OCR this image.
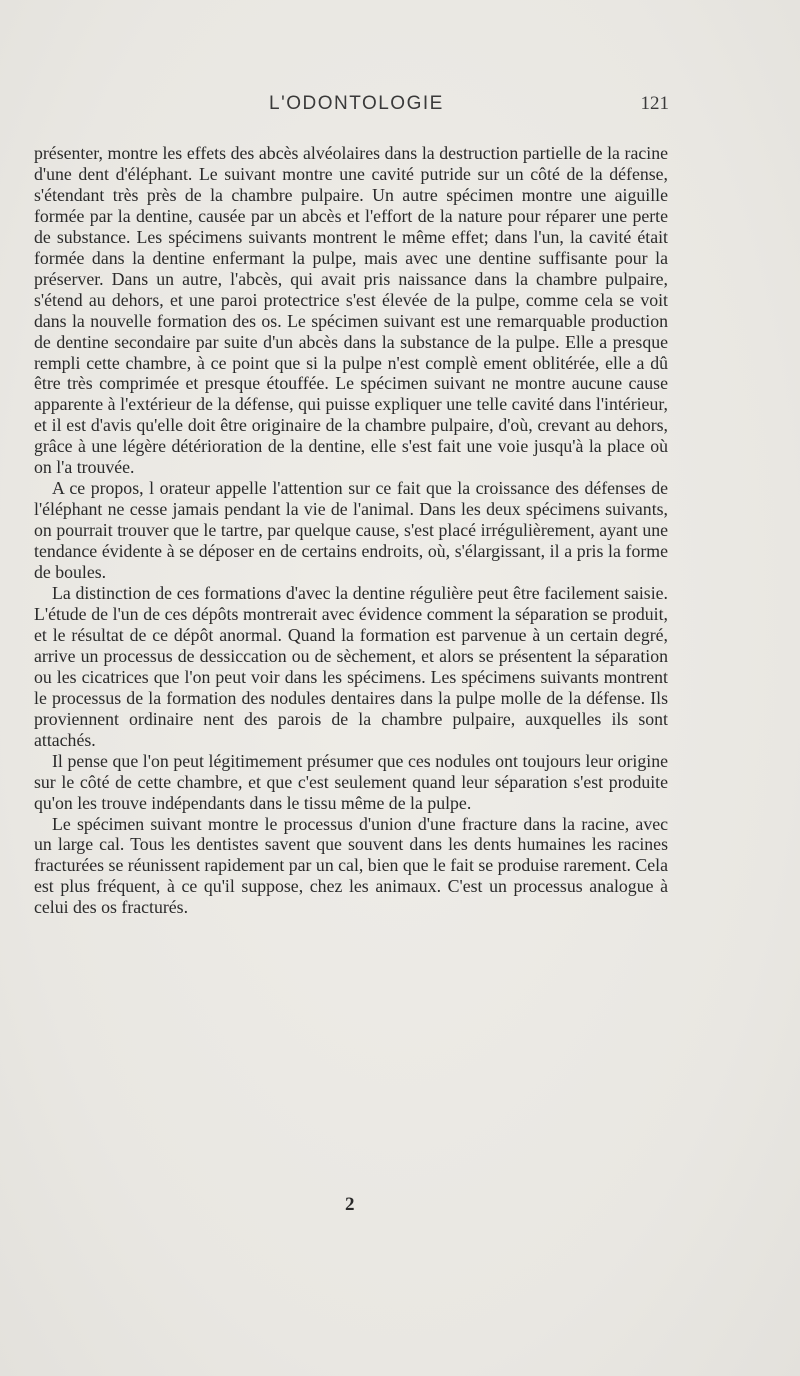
L'ODONTOLOGIE	121

présenter, montre les effets des abcès alvéolaires dans la destruction partielle de la racine d'une dent d'éléphant. Le suivant montre une cavité putride sur un côté de la défense, s'étendant très près de la chambre pulpaire. Un autre spécimen montre une aiguille formée par la dentine, causée par un abcès et l'effort de la nature pour réparer une perte de substance. Les spécimens suivants montrent le même effet; dans l'un, la cavité était formée dans la dentine enfermant la pulpe, mais avec une dentine suffisante pour la préserver. Dans un autre, l'abcès, qui avait pris naissance dans la chambre pulpaire, s'étend au dehors, et une paroi protectrice s'est élevée de la pulpe, comme cela se voit dans la nouvelle formation des os. Le spécimen suivant est une remarquable production de dentine secondaire par suite d'un abcès dans la substance de la pulpe. Elle a presque rempli cette chambre, à ce point que si la pulpe n'est complè ement oblitérée, elle a dû être très comprimée et presque étouffée. Le spécimen suivant ne montre aucune cause apparente à l'extérieur de la défense, qui puisse expliquer une telle cavité dans l'intérieur, et il est d'avis qu'elle doit être originaire de la chambre pulpaire, d'où, crevant au dehors, grâce à une légère détérioration de la dentine, elle s'est fait une voie jusqu'à la place où on l'a trouvée.

A ce propos, l orateur appelle l'attention sur ce fait que la croissance des défenses de l'éléphant ne cesse jamais pendant la vie de l'animal. Dans les deux spécimens suivants, on pourrait trouver que le tartre, par quelque cause, s'est placé irrégulièrement, ayant une tendance évidente à se déposer en de certains endroits, où, s'élargissant, il a pris la forme de boules.

La distinction de ces formations d'avec la dentine régulière peut être facilement saisie. L'étude de l'un de ces dépôts montrerait avec évidence comment la séparation se produit, et le résultat de ce dépôt anormal. Quand la formation est parvenue à un certain degré, arrive un processus de dessiccation ou de sèchement, et alors se présentent la séparation ou les cicatrices que l'on peut voir dans les spécimens. Les spécimens suivants montrent le processus de la formation des nodules dentaires dans la pulpe molle de la défense. Ils proviennent ordinaire nent des parois de la chambre pulpaire, auxquelles ils sont attachés.

Il pense que l'on peut légitimement présumer que ces nodules ont toujours leur origine sur le côté de cette chambre, et que c'est seulement quand leur séparation s'est produite qu'on les trouve indépendants dans le tissu même de la pulpe.

Le spécimen suivant montre le processus d'union d'une fracture dans la racine, avec un large cal. Tous les dentistes savent que souvent dans les dents humaines les racines fracturées se réunissent rapidement par un cal, bien que le fait se produise rarement. Cela est plus fréquent, à ce qu'il suppose, chez les animaux. C'est un processus analogue à celui des os fracturés.

2
